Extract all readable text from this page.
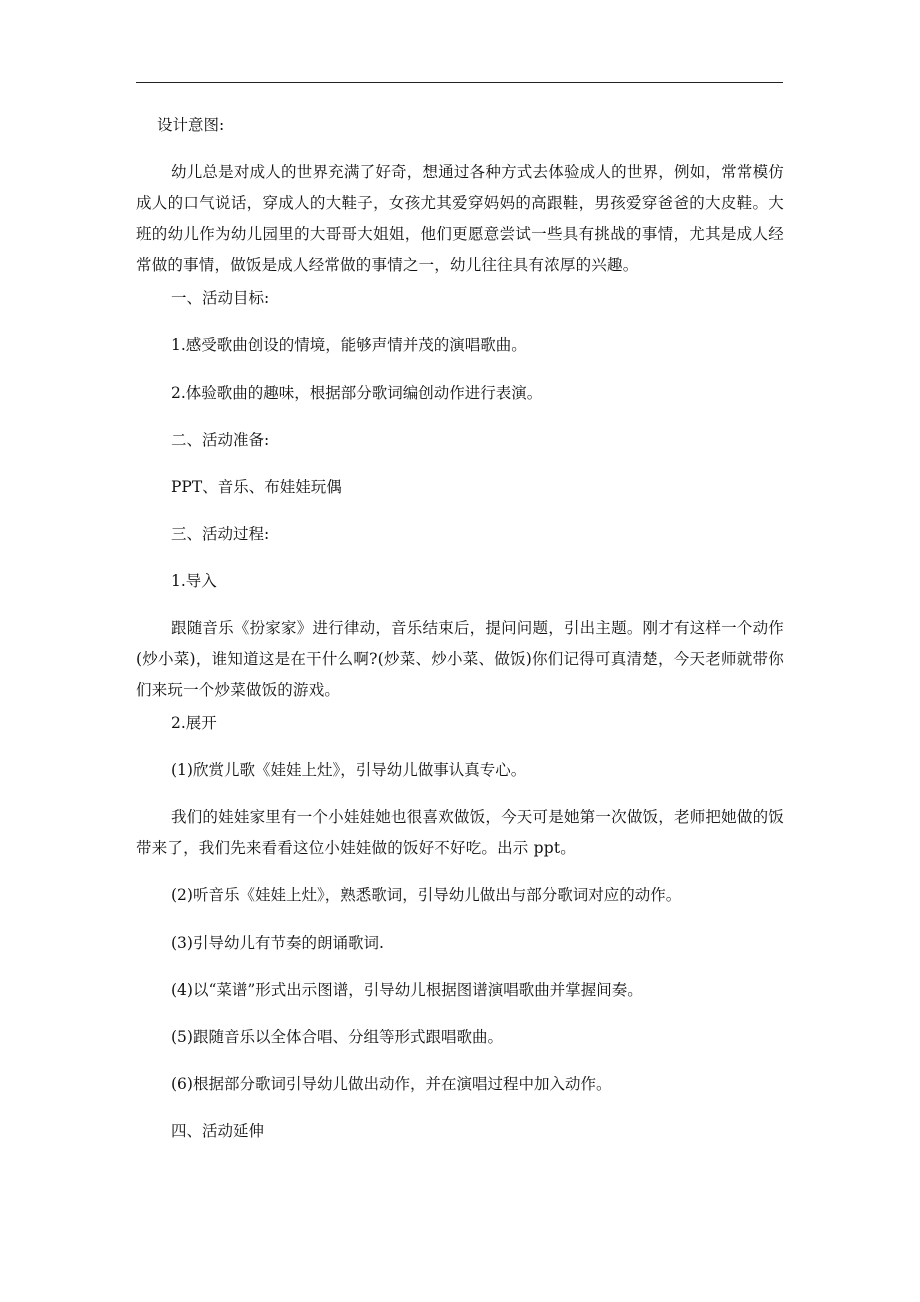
设计意图:
幼儿总是对成人的世界充满了好奇，想通过各种方式去体验成人的世界，例如，常常模仿成人的口气说话，穿成人的大鞋子，女孩尤其爱穿妈妈的高跟鞋，男孩爱穿爸爸的大皮鞋。大班的幼儿作为幼儿园里的大哥哥大姐姐，他们更愿意尝试一些具有挑战的事情，尤其是成人经常做的事情，做饭是成人经常做的事情之一，幼儿往往具有浓厚的兴趣。
一、活动目标:
1.感受歌曲创设的情境，能够声情并茂的演唱歌曲。
2.体验歌曲的趣味，根据部分歌词编创动作进行表演。
二、活动准备:
PPT、音乐、布娃娃玩偶
三、活动过程:
1.导入
跟随音乐《扮家家》进行律动，音乐结束后，提问问题，引出主题。刚才有这样一个动作(炒小菜)，谁知道这是在干什么啊?(炒菜、炒小菜、做饭)你们记得可真清楚，今天老师就带你们来玩一个炒菜做饭的游戏。
2.展开
(1)欣赏儿歌《娃娃上灶》，引导幼儿做事认真专心。
我们的娃娃家里有一个小娃娃她也很喜欢做饭，今天可是她第一次做饭，老师把她做的饭带来了，我们先来看看这位小娃娃做的饭好不好吃。出示 ppt。
(2)听音乐《娃娃上灶》，熟悉歌词，引导幼儿做出与部分歌词对应的动作。
(3)引导幼儿有节奏的朗诵歌词.
(4)以“菜谱”形式出示图谱，引导幼儿根据图谱演唱歌曲并掌握间奏。
(5)跟随音乐以全体合唱、分组等形式跟唱歌曲。
(6)根据部分歌词引导幼儿做出动作，并在演唱过程中加入动作。
四、活动延伸
